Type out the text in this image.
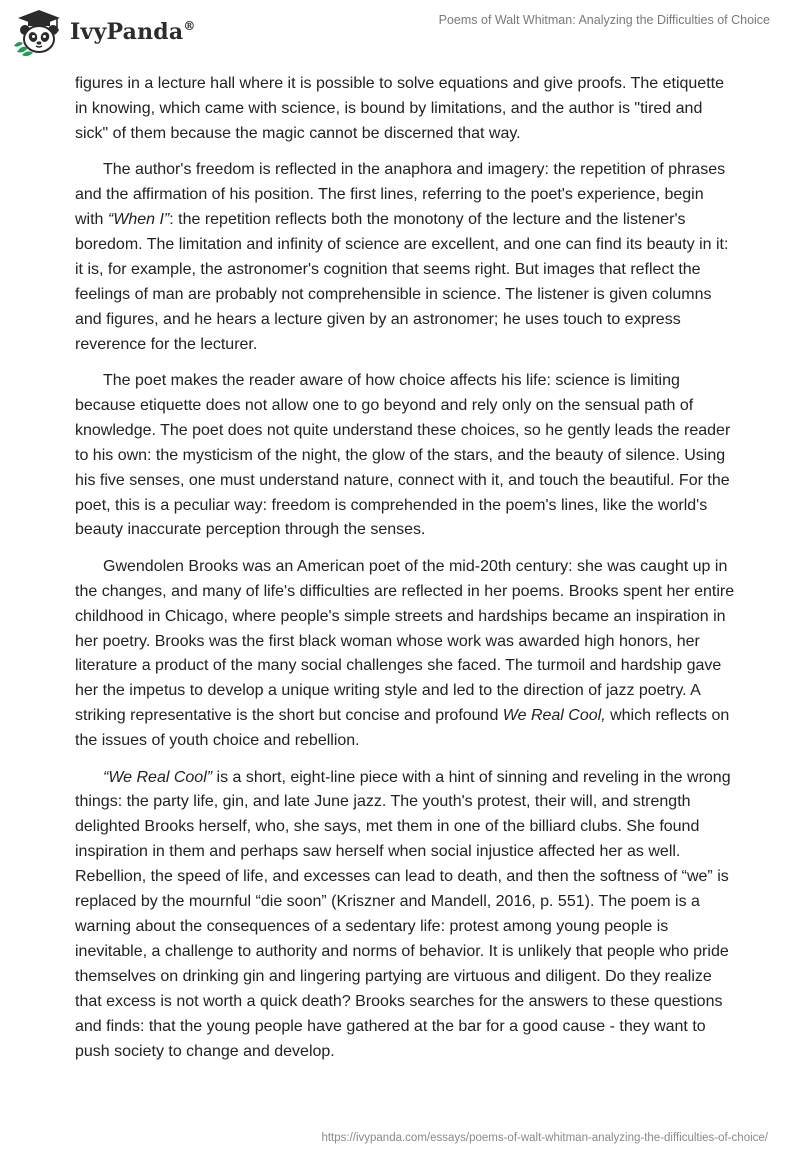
IvyPanda®	Poems of Walt Whitman: Analyzing the Difficulties of Choice

figures in a lecture hall where it is possible to solve equations and give proofs. The etiquette in knowing, which came with science, is bound by limitations, and the author is "tired and sick" of them because the magic cannot be discerned that way.

The author's freedom is reflected in the anaphora and imagery: the repetition of phrases and the affirmation of his position. The first lines, referring to the poet's experience, begin with “When I”: the repetition reflects both the monotony of the lecture and the listener's boredom. The limitation and infinity of science are excellent, and one can find its beauty in it: it is, for example, the astronomer's cognition that seems right. But images that reflect the feelings of man are probably not comprehensible in science. The listener is given columns and figures, and he hears a lecture given by an astronomer; he uses touch to express reverence for the lecturer.

The poet makes the reader aware of how choice affects his life: science is limiting because etiquette does not allow one to go beyond and rely only on the sensual path of knowledge. The poet does not quite understand these choices, so he gently leads the reader to his own: the mysticism of the night, the glow of the stars, and the beauty of silence. Using his five senses, one must understand nature, connect with it, and touch the beautiful. For the poet, this is a peculiar way: freedom is comprehended in the poem's lines, like the world's beauty inaccurate perception through the senses.

Gwendolen Brooks was an American poet of the mid-20th century: she was caught up in the changes, and many of life's difficulties are reflected in her poems. Brooks spent her entire childhood in Chicago, where people's simple streets and hardships became an inspiration in her poetry. Brooks was the first black woman whose work was awarded high honors, her literature a product of the many social challenges she faced. The turmoil and hardship gave her the impetus to develop a unique writing style and led to the direction of jazz poetry. A striking representative is the short but concise and profound We Real Cool, which reflects on the issues of youth choice and rebellion.

“We Real Cool” is a short, eight-line piece with a hint of sinning and reveling in the wrong things: the party life, gin, and late June jazz. The youth's protest, their will, and strength delighted Brooks herself, who, she says, met them in one of the billiard clubs. She found inspiration in them and perhaps saw herself when social injustice affected her as well. Rebellion, the speed of life, and excesses can lead to death, and then the softness of “we” is replaced by the mournful “die soon” (Kriszner and Mandell, 2016, p. 551). The poem is a warning about the consequences of a sedentary life: protest among young people is inevitable, a challenge to authority and norms of behavior. It is unlikely that people who pride themselves on drinking gin and lingering partying are virtuous and diligent. Do they realize that excess is not worth a quick death? Brooks searches for the answers to these questions and finds: that the young people have gathered at the bar for a good cause - they want to push society to change and develop.

https://ivypanda.com/essays/poems-of-walt-whitman-analyzing-the-difficulties-of-choice/
